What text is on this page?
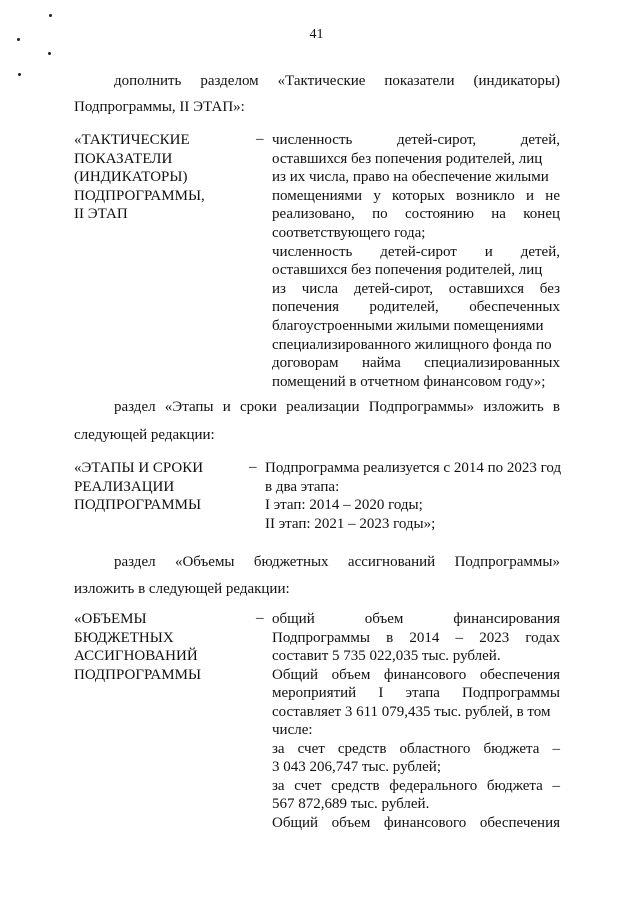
41
дополнить разделом «Тактические показатели (индикаторы)
Подпрограммы, II ЭТАП»:
«ТАКТИЧЕСКИЕ
ПОКАЗАТЕЛИ
(ИНДИКАТОРЫ)
ПОДПРОГРАММЫ,
II ЭТАП
– численность детей-сирот, детей,
оставшихся без попечения родителей, лиц
из их числа, право на обеспечение жилыми
помещениями у которых возникло и не
реализовано, по состоянию на конец
соответствующего года;
численность детей-сирот и детей,
оставшихся без попечения родителей, лиц
из числа детей-сирот, оставшихся без
попечения родителей, обеспеченных
благоустроенными жилыми помещениями
специализированного жилищного фонда по
договорам найма специализированных
помещений в отчетном финансовом году»;
раздел «Этапы и сроки реализации Подпрограммы» изложить в
следующей редакции:
«ЭТАПЫ И СРОКИ
РЕАЛИЗАЦИИ
ПОДПРОГРАММЫ
– Подпрограмма реализуется с 2014 по 2023 год
в два этапа:
I этап: 2014 – 2020 годы;
II этап: 2021 – 2023 годы»;
раздел «Объемы бюджетных ассигнований Подпрограммы»
изложить в следующей редакции:
«ОБЪЕМЫ
БЮДЖЕТНЫХ
АССИГНОВАНИЙ
ПОДПРОГРАММЫ
– общий объем финансирования
Подпрограммы в 2014 – 2023 годах
составит 5 735 022,035 тыс. рублей.
Общий объем финансового обеспечения
мероприятий I этапа Подпрограммы
составляет 3 611 079,435 тыс. рублей, в том
числе:
за счет средств областного бюджета –
3 043 206,747 тыс. рублей;
за счет средств федерального бюджета –
567 872,689 тыс. рублей.
Общий объем финансового обеспечения
